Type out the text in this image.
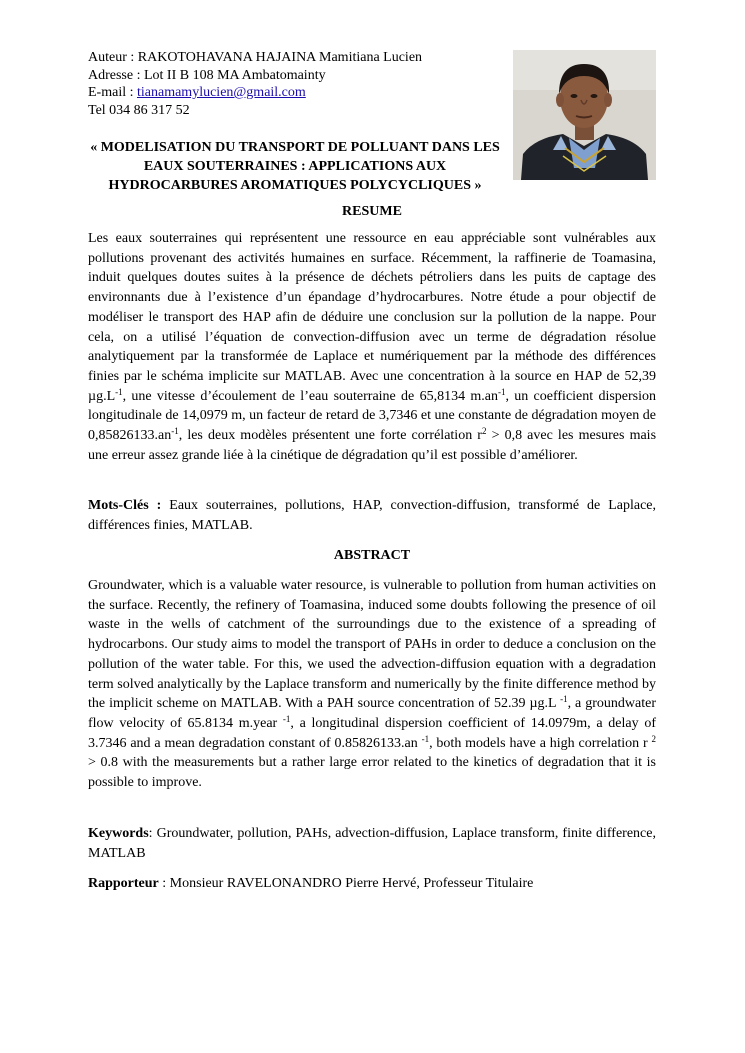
Auteur : RAKOTOHAVANA HAJAINA Mamitiana Lucien
Adresse : Lot II B 108 MA Ambatomainty
E-mail : tianamamylucien@gmail.com
Tel 034 86 317 52
« MODELISATION DU TRANSPORT DE POLLUANT DANS LES EAUX SOUTERRAINES : APPLICATIONS AUX HYDROCARBURES AROMATIQUES POLYCYCLIQUES »
RESUME
Les eaux souterraines qui représentent une ressource en eau appréciable sont vulnérables aux pollutions provenant des activités humaines en surface. Récemment, la raffinerie de Toamasina, induit quelques doutes suites à la présence de déchets pétroliers dans les puits de captage des environnants due à l’existence d’un épandage d’hydrocarbures. Notre étude a pour objectif de modéliser le transport des HAP afin de déduire une conclusion sur la pollution de la nappe. Pour cela, on a utilisé l’équation de convection-diffusion avec un terme de dégradation résolue analytiquement par la transformée de Laplace et numériquement par la méthode des différences finies par le schéma implicite sur MATLAB. Avec une concentration à la source en HAP de 52,39 $\mu g.L^{-1}$, une vitesse d’écoulement de l’eau souterraine de 65,8134 $m.an^{-1}$, un coefficient dispersion longitudinale de 14,0979 m, un facteur de retard de 3,7346 et une constante de dégradation moyen de $0,85826133.an^{-1}$, les deux modèles présentent une forte corrélation $r^2 > 0,8$ avec les mesures mais une erreur assez grande liée à la cinétique de dégradation qu’il est possible d’améliorer.
Mots-Clés : Eaux souterraines, pollutions, HAP, convection-diffusion, transformé de Laplace, différences finies, MATLAB.
ABSTRACT
Groundwater, which is a valuable water resource, is vulnerable to pollution from human activities on the surface. Recently, the refinery of Toamasina, induced some doubts following the presence of oil waste in the wells of catchment of the surroundings due to the existence of a spreading of hydrocarbons. Our study aims to model the transport of PAHs in order to deduce a conclusion on the pollution of the water table. For this, we used the advection-diffusion equation with a degradation term solved analytically by the Laplace transform and numerically by the finite difference method by the implicit scheme on MATLAB. With a PAH source concentration of 52.39 µg.L $^{-1}$, a groundwater flow velocity of 65.8134 m.year $^{-1}$, a longitudinal dispersion coefficient of 14.0979m, a delay of 3.7346 and a mean degradation constant of 0.85826133.an $^{-1}$, both models have a high correlation r $^2$ > 0.8 with the measurements but a rather large error related to the kinetics of degradation that it is possible to improve.
Keywords: Groundwater, pollution, PAHs, advection-diffusion, Laplace transform, finite difference, MATLAB
Rapporteur : Monsieur RAVELONANDRO Pierre Hervé, Professeur Titulaire
